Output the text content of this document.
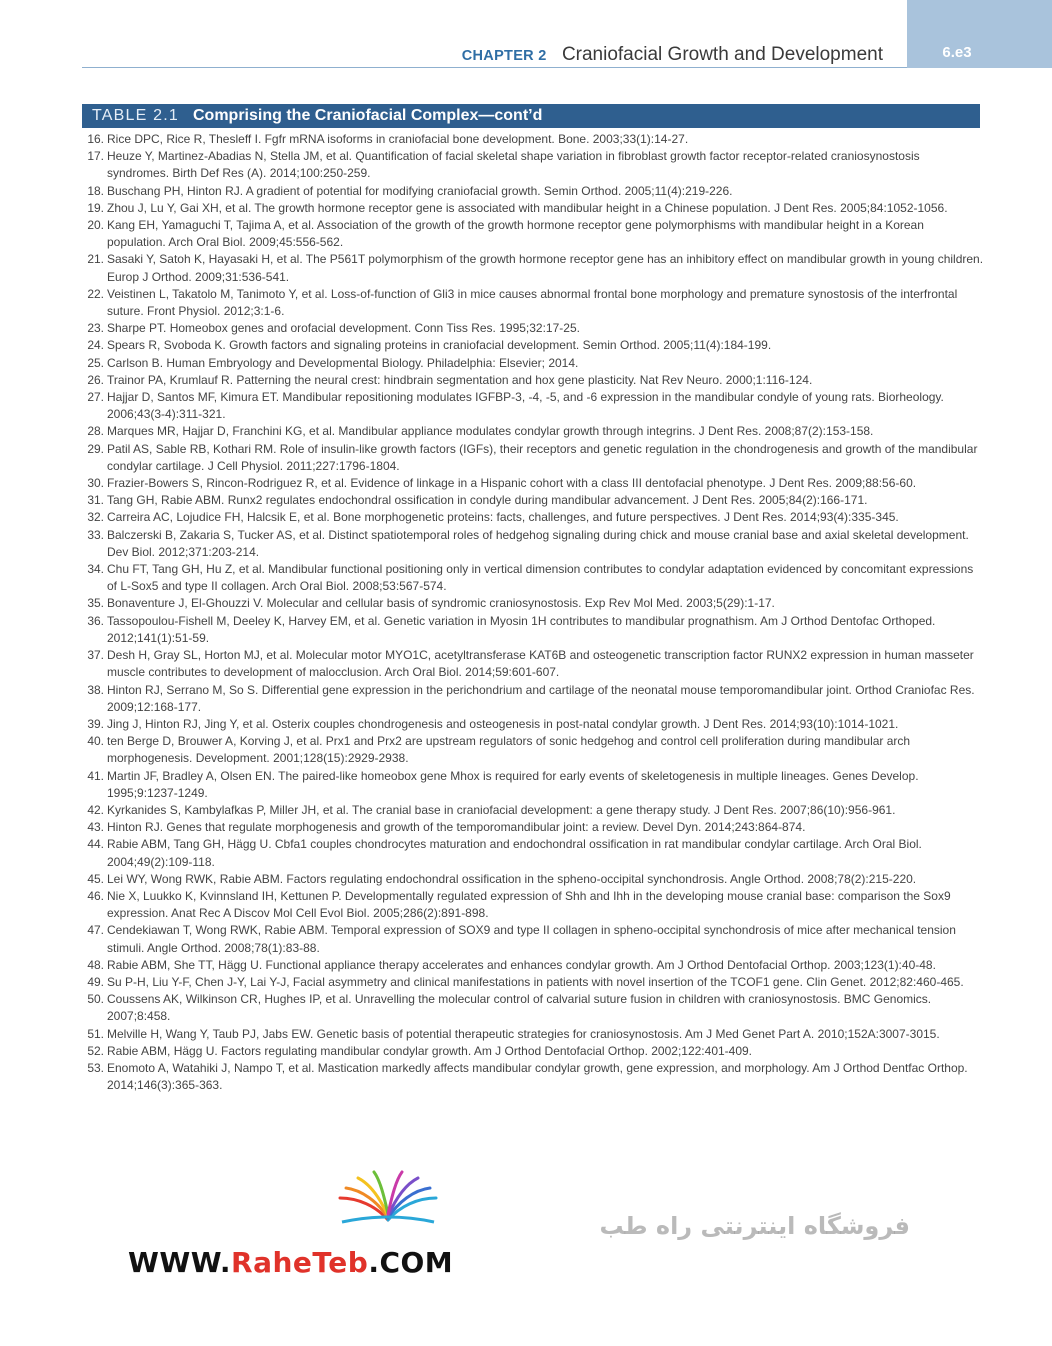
6.e3
CHAPTER 2 Craniofacial Growth and Development
TABLE 2.1 Comprising the Craniofacial Complex—cont’d
16. Rice DPC, Rice R, Thesleff I. Fgfr mRNA isoforms in craniofacial bone development. Bone. 2003;33(1):14-27.
17. Heuze Y, Martinez-Abadias N, Stella JM, et al. Quantification of facial skeletal shape variation in fibroblast growth factor receptor-related craniosynostosis syndromes. Birth Def Res (A). 2014;100:250-259.
18. Buschang PH, Hinton RJ. A gradient of potential for modifying craniofacial growth. Semin Orthod. 2005;11(4):219-226.
19. Zhou J, Lu Y, Gai XH, et al. The growth hormone receptor gene is associated with mandibular height in a Chinese population. J Dent Res. 2005;84:1052-1056.
20. Kang EH, Yamaguchi T, Tajima A, et al. Association of the growth of the growth hormone receptor gene polymorphisms with mandibular height in a Korean population. Arch Oral Biol. 2009;45:556-562.
21. Sasaki Y, Satoh K, Hayasaki H, et al. The P561T polymorphism of the growth hormone receptor gene has an inhibitory effect on mandibular growth in young children. Europ J Orthod. 2009;31:536-541.
22. Veistinen L, Takatolo M, Tanimoto Y, et al. Loss-of-function of Gli3 in mice causes abnormal frontal bone morphology and premature synostosis of the interfrontal suture. Front Physiol. 2012;3:1-6.
23. Sharpe PT. Homeobox genes and orofacial development. Conn Tiss Res. 1995;32:17-25.
24. Spears R, Svoboda K. Growth factors and signaling proteins in craniofacial development. Semin Orthod. 2005;11(4):184-199.
25. Carlson B. Human Embryology and Developmental Biology. Philadelphia: Elsevier; 2014.
26. Trainor PA, Krumlauf R. Patterning the neural crest: hindbrain segmentation and hox gene plasticity. Nat Rev Neuro. 2000;1:116-124.
27. Hajjar D, Santos MF, Kimura ET. Mandibular repositioning modulates IGFBP-3, -4, -5, and -6 expression in the mandibular condyle of young rats. Biorheology. 2006;43(3-4):311-321.
28. Marques MR, Hajjar D, Franchini KG, et al. Mandibular appliance modulates condylar growth through integrins. J Dent Res. 2008;87(2):153-158.
29. Patil AS, Sable RB, Kothari RM. Role of insulin-like growth factors (IGFs), their receptors and genetic regulation in the chondrogenesis and growth of the mandibular condylar cartilage. J Cell Physiol. 2011;227:1796-1804.
30. Frazier-Bowers S, Rincon-Rodriguez R, et al. Evidence of linkage in a Hispanic cohort with a class III dentofacial phenotype. J Dent Res. 2009;88:56-60.
31. Tang GH, Rabie ABM. Runx2 regulates endochondral ossification in condyle during mandibular advancement. J Dent Res. 2005;84(2):166-171.
32. Carreira AC, Lojudice FH, Halcsik E, et al. Bone morphogenetic proteins: facts, challenges, and future perspectives. J Dent Res. 2014;93(4):335-345.
33. Balczerski B, Zakaria S, Tucker AS, et al. Distinct spatiotemporal roles of hedgehog signaling during chick and mouse cranial base and axial skeletal development. Dev Biol. 2012;371:203-214.
34. Chu FT, Tang GH, Hu Z, et al. Mandibular functional positioning only in vertical dimension contributes to condylar adaptation evidenced by concomitant expressions of L-Sox5 and type II collagen. Arch Oral Biol. 2008;53:567-574.
35. Bonaventure J, El-Ghouzzi V. Molecular and cellular basis of syndromic craniosynostosis. Exp Rev Mol Med. 2003;5(29):1-17.
36. Tassopoulou-Fishell M, Deeley K, Harvey EM, et al. Genetic variation in Myosin 1H contributes to mandibular prognathism. Am J Orthod Dentofac Orthoped. 2012;141(1):51-59.
37. Desh H, Gray SL, Horton MJ, et al. Molecular motor MYO1C, acetyltransferase KAT6B and osteogenetic transcription factor RUNX2 expression in human masseter muscle contributes to development of malocclusion. Arch Oral Biol. 2014;59:601-607.
38. Hinton RJ, Serrano M, So S. Differential gene expression in the perichondrium and cartilage of the neonatal mouse temporomandibular joint. Orthod Craniofac Res. 2009;12:168-177.
39. Jing J, Hinton RJ, Jing Y, et al. Osterix couples chondrogenesis and osteogenesis in post-natal condylar growth. J Dent Res. 2014;93(10):1014-1021.
40. ten Berge D, Brouwer A, Korving J, et al. Prx1 and Prx2 are upstream regulators of sonic hedgehog and control cell proliferation during mandibular arch morphogenesis. Development. 2001;128(15):2929-2938.
41. Martin JF, Bradley A, Olsen EN. The paired-like homeobox gene Mhox is required for early events of skeletogenesis in multiple lineages. Genes Develop. 1995;9:1237-1249.
42. Kyrkanides S, Kambylafkas P, Miller JH, et al. The cranial base in craniofacial development: a gene therapy study. J Dent Res. 2007;86(10):956-961.
43. Hinton RJ. Genes that regulate morphogenesis and growth of the temporomandibular joint: a review. Devel Dyn. 2014;243:864-874.
44. Rabie ABM, Tang GH, Hägg U. Cbfa1 couples chondrocytes maturation and endochondral ossification in rat mandibular condylar cartilage. Arch Oral Biol. 2004;49(2):109-118.
45. Lei WY, Wong RWK, Rabie ABM. Factors regulating endochondral ossification in the spheno-occipital synchondrosis. Angle Orthod. 2008;78(2):215-220.
46. Nie X, Luukko K, Kvinnsland IH, Kettunen P. Developmentally regulated expression of Shh and Ihh in the developing mouse cranial base: comparison the Sox9 expression. Anat Rec A Discov Mol Cell Evol Biol. 2005;286(2):891-898.
47. Cendekiawan T, Wong RWK, Rabie ABM. Temporal expression of SOX9 and type II collagen in spheno-occipital synchondrosis of mice after mechanical tension stimuli. Angle Orthod. 2008;78(1):83-88.
48. Rabie ABM, She TT, Hägg U. Functional appliance therapy accelerates and enhances condylar growth. Am J Orthod Dentofacial Orthop. 2003;123(1):40-48.
49. Su P-H, Liu Y-F, Chen J-Y, Lai Y-J, Facial asymmetry and clinical manifestations in patients with novel insertion of the TCOF1 gene. Clin Genet. 2012;82:460-465.
50. Coussens AK, Wilkinson CR, Hughes IP, et al. Unravelling the molecular control of calvarial suture fusion in children with craniosynostosis. BMC Genomics. 2007;8:458.
51. Melville H, Wang Y, Taub PJ, Jabs EW. Genetic basis of potential therapeutic strategies for craniosynostosis. Am J Med Genet Part A. 2010;152A:3007-3015.
52. Rabie ABM, Hägg U. Factors regulating mandibular condylar growth. Am J Orthod Dentofacial Orthop. 2002;122:401-409.
53. Enomoto A, Watahiki J, Nampo T, et al. Mastication markedly affects mandibular condylar growth, gene expression, and morphology. Am J Orthod Dentfac Orthop. 2014;146(3):365-363.
فروشگاه اینترنتی راه طب
WWW.RaheTeb.COM
